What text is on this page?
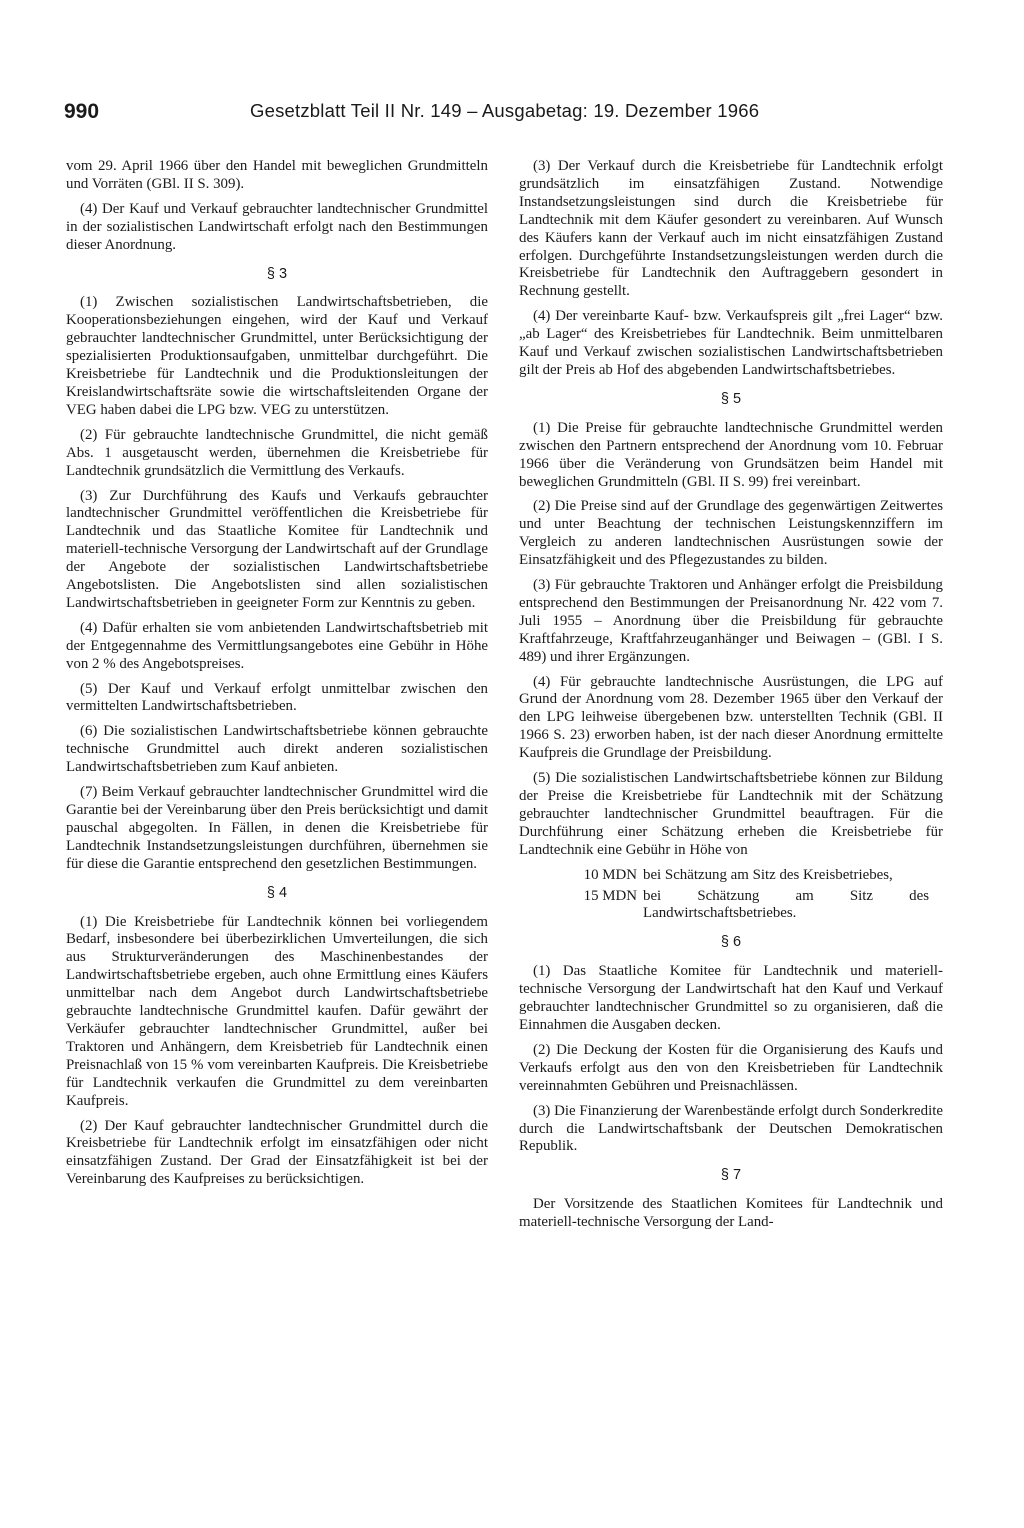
990	Gesetzblatt Teil II Nr. 149 – Ausgabetag: 19. Dezember 1966

vom 29. April 1966 über den Handel mit beweglichen Grundmitteln und Vorräten (GBl. II S. 309).

(4) Der Kauf und Verkauf gebrauchter landtechnischer Grundmittel in der sozialistischen Landwirtschaft erfolgt nach den Bestimmungen dieser Anordnung.

§ 3

(1) Zwischen sozialistischen Landwirtschaftsbetrieben, die Kooperationsbeziehungen eingehen, wird der Kauf und Verkauf gebrauchter landtechnischer Grundmittel, unter Berücksichtigung der spezialisierten Produktionsaufgaben, unmittelbar durchgeführt. Die Kreisbetriebe für Landtechnik und die Produktionsleitungen der Kreislandwirtschaftsräte sowie die wirtschaftsleitenden Organe der VEG haben dabei die LPG bzw. VEG zu unterstützen.

(2) Für gebrauchte landtechnische Grundmittel, die nicht gemäß Abs. 1 ausgetauscht werden, übernehmen die Kreisbetriebe für Landtechnik grundsätzlich die Vermittlung des Verkaufs.

(3) Zur Durchführung des Kaufs und Verkaufs gebrauchter landtechnischer Grundmittel veröffentlichen die Kreisbetriebe für Landtechnik und das Staatliche Komitee für Landtechnik und materiell-technische Versorgung der Landwirtschaft auf der Grundlage der Angebote der sozialistischen Landwirtschaftsbetriebe Angebotslisten. Die Angebotslisten sind allen sozialistischen Landwirtschaftsbetrieben in geeigneter Form zur Kenntnis zu geben.

(4) Dafür erhalten sie vom anbietenden Landwirtschaftsbetrieb mit der Entgegennahme des Vermittlungsangebotes eine Gebühr in Höhe von 2 % des Angebotspreises.

(5) Der Kauf und Verkauf erfolgt unmittelbar zwischen den vermittelten Landwirtschaftsbetrieben.

(6) Die sozialistischen Landwirtschaftsbetriebe können gebrauchte technische Grundmittel auch direkt anderen sozialistischen Landwirtschaftsbetrieben zum Kauf anbieten.

(7) Beim Verkauf gebrauchter landtechnischer Grundmittel wird die Garantie bei der Vereinbarung über den Preis berücksichtigt und damit pauschal abgegolten. In Fällen, in denen die Kreisbetriebe für Landtechnik Instandsetzungsleistungen durchführen, übernehmen sie für diese die Garantie entsprechend den gesetzlichen Bestimmungen.

§ 4

(1) Die Kreisbetriebe für Landtechnik können bei vorliegendem Bedarf, insbesondere bei überbezirklichen Umverteilungen, die sich aus Strukturveränderungen des Maschinenbestandes der Landwirtschaftsbetriebe ergeben, auch ohne Ermittlung eines Käufers unmittelbar nach dem Angebot durch Landwirtschaftsbetriebe gebrauchte landtechnische Grundmittel kaufen. Dafür gewährt der Verkäufer gebrauchter landtechnischer Grundmittel, außer bei Traktoren und Anhängern, dem Kreisbetrieb für Landtechnik einen Preisnachlaß von 15 % vom vereinbarten Kaufpreis. Die Kreisbetriebe für Landtechnik verkaufen die Grundmittel zu dem vereinbarten Kaufpreis.

(2) Der Kauf gebrauchter landtechnischer Grundmittel durch die Kreisbetriebe für Landtechnik erfolgt im einsatzfähigen oder nicht einsatzfähigen Zustand. Der Grad der Einsatzfähigkeit ist bei der Vereinbarung des Kaufpreises zu berücksichtigen.

(3) Der Verkauf durch die Kreisbetriebe für Landtechnik erfolgt grundsätzlich im einsatzfähigen Zustand. Notwendige Instandsetzungsleistungen sind durch die Kreisbetriebe für Landtechnik mit dem Käufer gesondert zu vereinbaren. Auf Wunsch des Käufers kann der Verkauf auch im nicht einsatzfähigen Zustand erfolgen. Durchgeführte Instandsetzungsleistungen werden durch die Kreisbetriebe für Landtechnik den Auftraggebern gesondert in Rechnung gestellt.

(4) Der vereinbarte Kauf- bzw. Verkaufspreis gilt „frei Lager“ bzw. „ab Lager“ des Kreisbetriebes für Landtechnik. Beim unmittelbaren Kauf und Verkauf zwischen sozialistischen Landwirtschaftsbetrieben gilt der Preis ab Hof des abgebenden Landwirtschaftsbetriebes.

§ 5

(1) Die Preise für gebrauchte landtechnische Grundmittel werden zwischen den Partnern entsprechend der Anordnung vom 10. Februar 1966 über die Veränderung von Grundsätzen beim Handel mit beweglichen Grundmitteln (GBl. II S. 99) frei vereinbart.

(2) Die Preise sind auf der Grundlage des gegenwärtigen Zeitwertes und unter Beachtung der technischen Leistungskennziffern im Vergleich zu anderen landtechnischen Ausrüstungen sowie der Einsatzfähigkeit und des Pflegezustandes zu bilden.

(3) Für gebrauchte Traktoren und Anhänger erfolgt die Preisbildung entsprechend den Bestimmungen der Preisanordnung Nr. 422 vom 7. Juli 1955 – Anordnung über die Preisbildung für gebrauchte Kraftfahrzeuge, Kraftfahrzeuganhänger und Beiwagen – (GBl. I S. 489) und ihrer Ergänzungen.

(4) Für gebrauchte landtechnische Ausrüstungen, die LPG auf Grund der Anordnung vom 28. Dezember 1965 über den Verkauf der den LPG leihweise übergebenen bzw. unterstellten Technik (GBl. II 1966 S. 23) erworben haben, ist der nach dieser Anordnung ermittelte Kaufpreis die Grundlage der Preisbildung.

(5) Die sozialistischen Landwirtschaftsbetriebe können zur Bildung der Preise die Kreisbetriebe für Landtechnik mit der Schätzung gebrauchter landtechnischer Grundmittel beauftragen. Für die Durchführung einer Schätzung erheben die Kreisbetriebe für Landtechnik eine Gebühr in Höhe von

10 MDN bei Schätzung am Sitz des Kreisbetriebes,
15 MDN bei Schätzung am Sitz des Landwirtschaftsbetriebes.
§ 6

(1) Das Staatliche Komitee für Landtechnik und materiell-technische Versorgung der Landwirtschaft hat den Kauf und Verkauf gebrauchter landtechnischer Grundmittel so zu organisieren, daß die Einnahmen die Ausgaben decken.

(2) Die Deckung der Kosten für die Organisierung des Kaufs und Verkaufs erfolgt aus den von den Kreisbetrieben für Landtechnik vereinnahmten Gebühren und Preisnachlässen.

(3) Die Finanzierung der Warenbestände erfolgt durch Sonderkredite durch die Landwirtschaftsbank der Deutschen Demokratischen Republik.

§ 7

Der Vorsitzende des Staatlichen Komitees für Landtechnik und materiell-technische Versorgung der Land-
